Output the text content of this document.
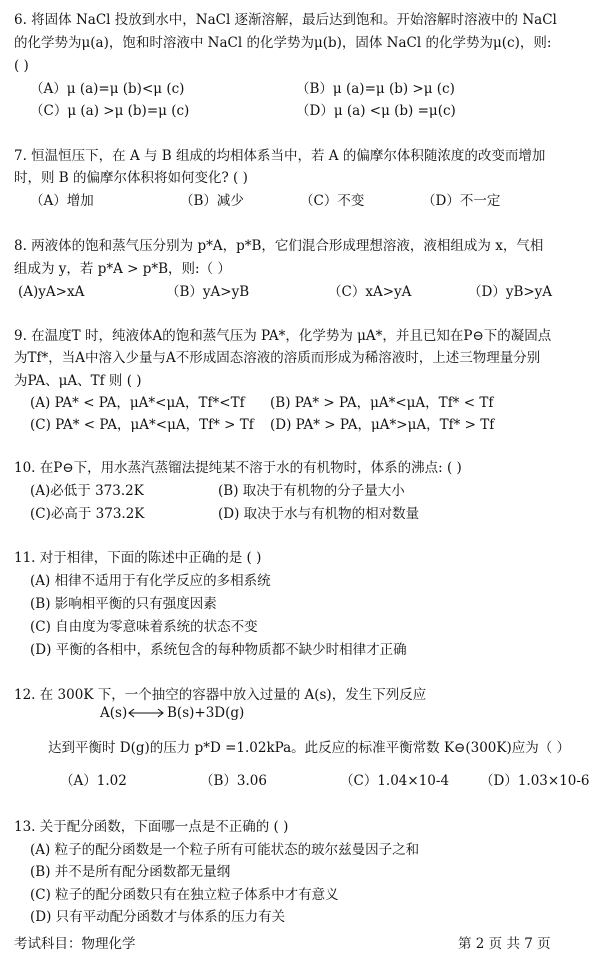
6. 将固体 NaCl 投放到水中，NaCl 逐渐溶解，最后达到饱和。开始溶解时溶液中的 NaCl
的化学势为μ(a)，饱和时溶液中 NaCl 的化学势为μ(b)，固体 NaCl 的化学势为μ(c)，则:
( )
（A）μ (a)=μ (b)<μ (c)	（B）μ (a)=μ (b) >μ (c)
（C）μ (a) >μ (b)=μ (c)	（D）μ (a) <μ (b) =μ(c)
7. 恒温恒压下，在 A 与 B 组成的均相体系当中，若 A 的偏摩尔体积随浓度的改变而增加
时，则 B 的偏摩尔体积将如何变化? ( )
（A）增加	（B）减少	（C）不变	（D）不一定
8. 两液体的饱和蒸气压分别为 p*A，p*B，它们混合形成理想溶液，液相组成为 x，气相
组成为 y，若 p*A > p*B，则:（ ）
(A)yA>xA	（B）yA>yB	（C）xA>yA	（D）yB>yA
9. 在温度T 时，纯液体A的饱和蒸气压为 PA*，化学势为 μA*，并且已知在P⊖下的凝固点
为Tf*，当A中溶入少量与A不形成固态溶液的溶质而形成为稀溶液时，上述三物理量分别
为PA、μA、Tf 则 ( )
(A) PA* < PA，μA*<μA，Tf*<Tf (B) PA* > PA，μA*<μA，Tf* < Tf
(C) PA* < PA，μA*<μA，Tf* > Tf (D) PA* > PA，μA*>μA，Tf* > Tf
10. 在P⊖下，用水蒸汽蒸镏法提纯某不溶于水的有机物时，体系的沸点: ( )
(A)必低于 373.2K	(B) 取决于有机物的分子量大小
(C)必高于 373.2K	(D) 取决于水与有机物的相对数量
11. 对于相律，下面的陈述中正确的是 ( )
(A) 相律不适用于有化学反应的多相系统
(B) 影响相平衡的只有强度因素
(C) 自由度为零意味着系统的状态不变
(D) 平衡的各相中，系统包含的每种物质都不缺少时相律才正确
12. 在 300K 下，一个抽空的容器中放入过量的 A(s)，发生下列反应
A(s)	B(s)+3D(g)
达到平衡时 D(g)的压力 p*D =1.02kPa。此反应的标准平衡常数 K⊖(300K)应为（ ）
（A）1.02	（B）3.06	（C）1.04×10-4 （D）1.03×10-6
13. 关于配分函数，下面哪一点是不正确的 ( )
(A) 粒子的配分函数是一个粒子所有可能状态的玻尔兹曼因子之和
(B) 并不是所有配分函数都无量纲
(C) 粒子的配分函数只有在独立粒子体系中才有意义
(D) 只有平动配分函数才与体系的压力有关
考试科目：物理化学	第 2 页 共 7 页
